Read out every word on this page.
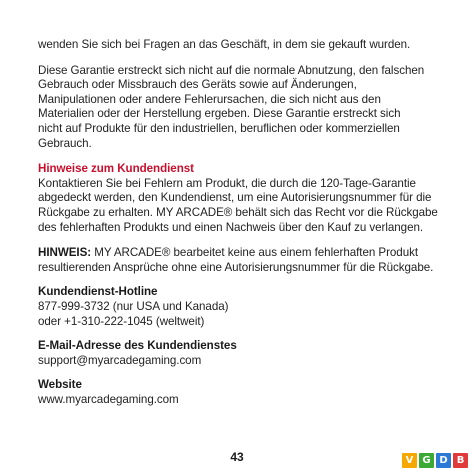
wenden Sie sich bei Fragen an das Geschäft, in dem sie gekauft wurden.

Diese Garantie erstreckt sich nicht auf die normale Abnutzung, den falschen

Gebrauch oder Missbrauch des Geräts sowie auf Änderungen,

Manipulationen oder andere Fehlerursachen, die sich nicht aus den

Materialien oder der Herstellung ergeben. Diese Garantie erstreckt sich

nicht auf Produkte für den industriellen, beruflichen oder kommerziellen

Gebrauch.

Hinweise zum Kundendienst

Kontaktieren Sie bei Fehlern am Produkt, die durch die 120-Tage-Garantie

abgedeckt werden, den Kundendienst, um eine Autorisierungsnummer für die

Rückgabe zu erhalten. MY ARCADE® behält sich das Recht vor die Rückgabe

des fehlerhaften Produkts und einen Nachweis über den Kauf zu verlangen.

HINWEIS: MY ARCADE® bearbeitet keine aus einem fehlerhaften Produkt

resultierenden Ansprüche ohne eine Autorisierungsnummer für die Rückgabe.

Kundendienst-Hotline

877-999-3732 (nur USA und Kanada)

oder +1-310-222-1045 (weltweit)

E-Mail-Adresse des Kundendienstes

support@myarcadegaming.com

Website

www.myarcadegaming.com

43	V G D B
